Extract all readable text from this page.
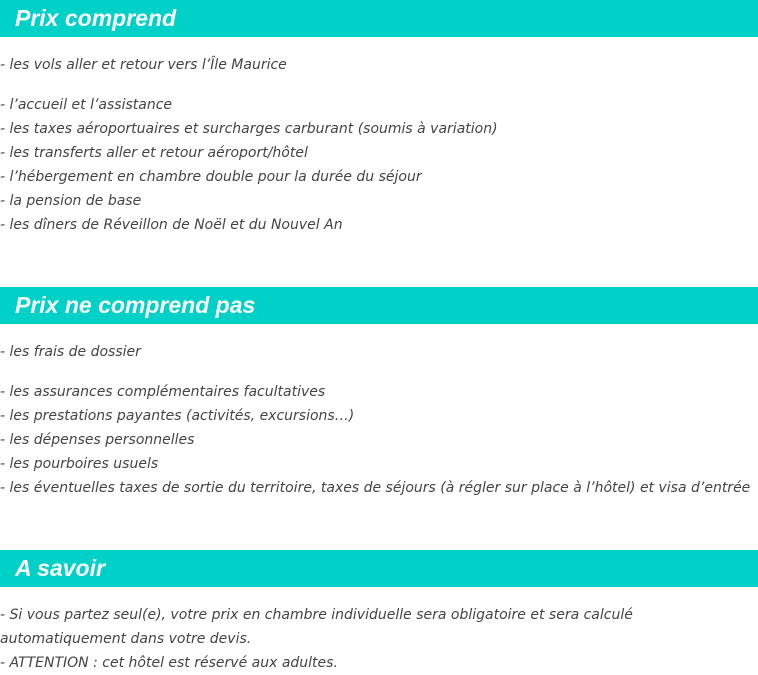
Prix comprend
- les vols aller et retour vers l’Île Maurice
- l’accueil et l’assistance
- les taxes aéroportuaires et surcharges carburant (soumis à variation)
- les transferts aller et retour aéroport/hôtel
- l’hébergement en chambre double pour la durée du séjour
- la pension de base
- les dîners de Réveillon de Noël et du Nouvel An
Prix ne comprend pas
- les frais de dossier
- les assurances complémentaires facultatives
- les prestations payantes (activités, excursions…)
- les dépenses personnelles
- les pourboires usuels
- les éventuelles taxes de sortie du territoire, taxes de séjours (à régler sur place à l’hôtel) et visa d’entrée
A savoir
- Si vous partez seul(e), votre prix en chambre individuelle sera obligatoire et sera calculé automatiquement dans votre devis.
- ATTENTION : cet hôtel est réservé aux adultes.
